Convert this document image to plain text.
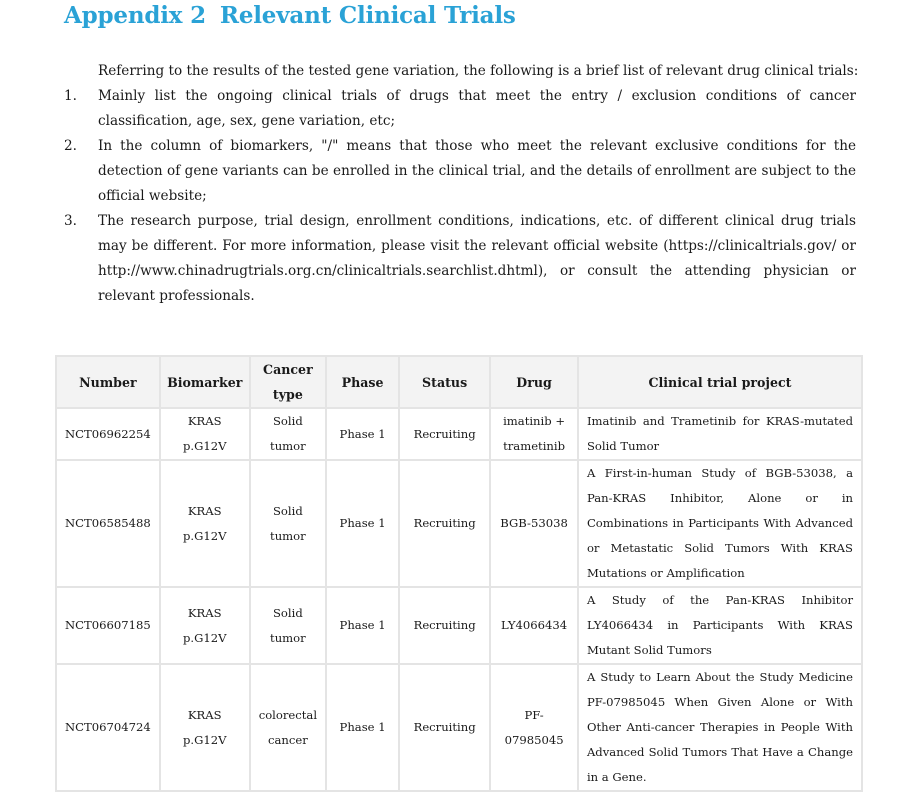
Appendix 2 Relevant Clinical Trials

Referring to the results of the tested gene variation, the following is a brief list of relevant drug clinical trials:

1. Mainly list the ongoing clinical trials of drugs that meet the entry / exclusion conditions of cancer classification, age, sex, gene variation, etc;
2. In the column of biomarkers, "/" means that those who meet the relevant exclusive conditions for the detection of gene variants can be enrolled in the clinical trial, and the details of enrollment are subject to the official website;
3. The research purpose, trial design, enrollment conditions, indications, etc. of different clinical drug trials may be different. For more information, please visit the relevant official website (https://clinicaltrials.gov/ or http://www.chinadrugtrials.org.cn/clinicaltrials.searchlist.dhtml), or consult the attending physician or relevant professionals.
Number	Biomarker	Cancer type	Phase	Status	Drug	Clinical trial project
NCT06962254	KRAS p.G12V	Solid tumor	Phase 1	Recruiting	imatinib + trametinib	Imatinib and Trametinib for KRAS-mutated Solid Tumor
NCT06585488	KRAS p.G12V	Solid tumor	Phase 1	Recruiting	BGB-53038	A First-in-human Study of BGB-53038, a Pan-KRAS Inhibitor, Alone or in Combinations in Participants With Advanced or Metastatic Solid Tumors With KRAS Mutations or Amplification
NCT06607185	KRAS p.G12V	Solid tumor	Phase 1	Recruiting	LY4066434	A Study of the Pan-KRAS Inhibitor LY4066434 in Participants With KRAS Mutant Solid Tumors
NCT06704724	KRAS p.G12V	colorectal cancer	Phase 1	Recruiting	PF-07985045	A Study to Learn About the Study Medicine PF-07985045 When Given Alone or With Other Anti-cancer Therapies in People With Advanced Solid Tumors That Have a Change in a Gene.
